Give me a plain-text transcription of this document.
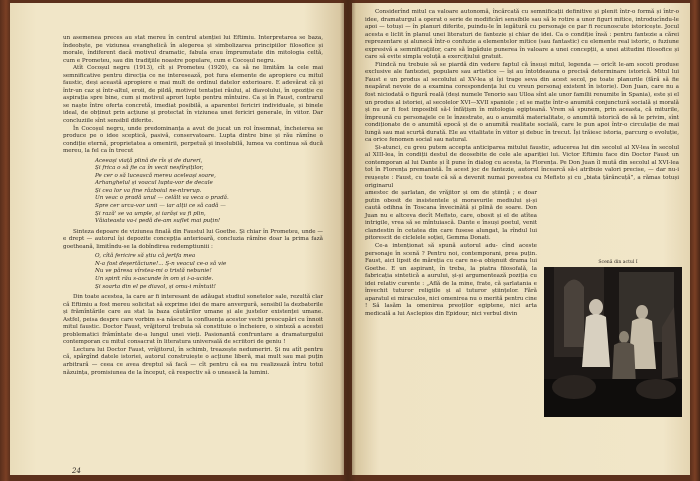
un asemenea preces au stat mereu în centrul atenției lui Eftimiu. Interpretarea se baza, îndeobște, pe viziunea evanghelică în alegerea și simbolizarea principiilor filosofice și morale, îndiferent dacă motivul dramatic, fabula erau împrumutate din mitologia celtă, cum e Prometeu, sau din tradiţiile noastre populare, cum e Cocoșul negru.

Atît Cocoșul negru (1913), cît și Prometeu (1920), ca să ne limităm la cele mai semnificative pentru direcția ce ne interesează, pot fura elemente de apropiere cu mitul faustic, deși această apropiere e mai mult de ordinul datelor exterioare. E adevărat că și într-un caz și într-altul, eroii, de pildă, motivul tentației răului, al diavolului, în opoziție cu aspirația spre bine, cum și motivul aprori lupte pentru mîntuire. Ca și în Faust, contrarul se naște între oferta concretă, imediat posibilă, a aparentei fericiri individuale, și binele ideal, de obținut prin acțiune și protectat în viziunea unei fericiri generale, în viitor. Dar concluziile sînt sensibil diferite.

În Cocoșul negru, unde predominanța a avut de jucat un rol însemnat, încheierea se produce pe o idee sceptică, pasivă, conservatoare. Lupta dintre bine și rău rămîne o condiție eternă, proprietatea a omenirii, perpetuă și insolubilă, lumea va continua să ducă mereu, la fel ca în trecut

Aceeași viață plină de rîs și de dureri,
Și frica o să fie ca în vecii nesfîrșiților,
Pe cer o să lucească mereu aceleași soare,
Arhanghelul și voacul lupta-vor de decale
Și cea lor va fine războiul ne-ntrerup.
Un veac o pradă unul — celălt va veca o pradă.
Spre cer urca-vor unii — iar alții ce să cadă —
Și rază' se va umple, și iarăși va fi plin,
Văiateasta va-i pedă de-am suflet mai puțin!

Sinteza depoare de viziunea finală din Faustul lui Goethe. Și chiar în Prometeu, unde — e drept — autorul își depozite concepția anterioară, concluzia rămîne doar la prima fază goetheană, limitîndu-se la dobîndirea redemptiuniii :

O, cîtă fericire să știu că jertfa mea
N-a fost deșertăciune!... Ș-n veacul ce-o să vie
Nu ve păresa vîrstea-mi o tristă nebunie!
Un spirit rău s-ascunde în om și i-a-ucide.
Și soarta din el pe diavol, și omu-i mîntuit!

Din toate acestea, la care ar fi interesant de adăugat studiul sonetelor sale, rezultă clar că Eftimiu a fost mereu solicitat să exprime idei de mare anvergură, sensibil la dezbaterile și frămîntările care au stat la baza căutărilor umane și ale justelor existenței umane. Astfel, peisa despre care vorbim s-a născut la confluența acestor vechi preocupări cu înnoit mitul faustic. Doctor Faust, vrăjitorul trebuia să constituie o încheiere, o sinteză a acestei problematici frămîntate de-a lungul unei vieți. Pasionantă confruntare a dramaturgului contemporan cu mitul consacrat în literatura universală de scriitori de geniu !

Lectura lui Doctor Faust, vrăjitorul, în schimb, treazește nedumeriri. Și nu atît pentru că, spărgînd datele istoriei, autorul construiește o acțiune liberă, mai mult sau mai puțin arbitrară — ceea ce avea dreptul să facă — cît pentru că ea nu realizează întru totul năzuința, promisiunea de la început, că respectiv să o unească la lumini.

24

Considerînd mitul ca valoare autonomă, încărcată cu semnificații definitive și plenit într-o formă și într-o idee, dramaturgul a operat o serie de modificări sensibile sau să le rotire a unor figuri mitice, introducîndu-le apoi — totuși — în planuri diferite, puindu-le în legătură cu personaje ce par fi recunoscute istoricește. Jocul acesta e liclit în planul unei literaturi de fantezie și chiar de idei. Ca o condiție însă : pentru fantezie a cărei reprezentare și alunecă într-o confuzie a elementelor mitice (sau fantastic) cu elemente real istoric, o fuziune expresivă a semnificaţiilor, care să îngăduie punerea în valoare a unei concepții, a unei atitudini filosofice și care să evite simpla voluță a exercițiului gratuit.

Fiindcă nu trebuie să se piardă din vedere faptul că însuși mitul, legenda — oricît le-am socoti produse exclusive ale fanteziei, populare sau artistice — își au întotdeauna o precisă determinare istorică. Mitul lui Faust e un produs al secolului al XV-lea și își trage seva din acest secol, pe toate planurile (fără să fie neapărat nevoie de a examina corespondența lui cu vreun personaj existent în istorie). Don Juan, care nu a fost niciodată o figură reală (deși numele Tenorio sau Ulloa sînt ale unor familii renumite în Spania), este și el un produs al istoriei, al secolelor XVI—XVII spaniole ; el se mațte într-o anumită conjunctură socială și morală și nu ar fi fost imposibil să-l înfățișm în mitologia egipteană. Vrem să spunem, prin aceasta, că miturile, împreună cu personajele ce le înzestrate, au o anumită materialitate, o anumită istorică de să le privim, sînt condiționate de o anumită epocă și de o anumită realitate socială, care le pun apoi într-o circulație de mai lungă sau mai scurtă durată. Ele au vitalitate în viitor și debuc în trecut. Își trăiesc istoria, parcurg o evoluție, ca orice fenomen social sau natural.

Și-atunci, cu greu putem accepta anticiparea mitului faustic, aducerea lui din secolul al XV-lea în secolul al XIII-lea, în condiții destul de deosebite de cele ale apariției lui. Victor Eftimiu face din Doctor Faust un contemporan al lui Dante și îl pune în dialog cu acesta, la Florența. Pe Don Juan îl mută din secolul al XVI-lea tot în Florența premanistă. În acest joc de fantezie, autorul încearcă să-i atribuie valori precise, — dar nu-i reușește : Faust, cu toate că să a devenit numai povestea cu Mefisto și cu „biata țărăncuță”, a rămas totuși originarul

amestec de șarlatan, de vrăjitor și om de știință ; e doar putin obosit de insistentele și moravurile mediului și-și caută odihna în Toscana învecinătă și plină de soare. Don Juan nu e altceva decît Mefisto, care, obosit și el de atîtea intrigile, vrea să se mîntuiască. Dante e însuși poetul, venit clandestin în cetatea din care fusese alungat, la rîndul lui pitorescit de ciclelele soției, Gemma Donati.

Ce-a intenționat să spună autorul adu- cînd aceste personaje în scenă ? Pentru noi, contemporani, prea puțin. Faust, aici lipsit de măreția cu care ne-a obișnuit drama lui Goethe. E un aspirant, în treba, la piatra filosofală, la fabricația sintetică a aurului, și-și argumentează poziția cu idei relativ curente : „Află de la mine, frate, că șarlatania e învechit tuturor religiile și al tuturor științelor. Fără aparatul ei miraculos, nici omenirea nu o merită pentru cine ! Să lasăm la omenirea preoților egiptene, nici arta medicală a lui Asclepios din Epidour, nici verbul divin

Scenă din actul I
